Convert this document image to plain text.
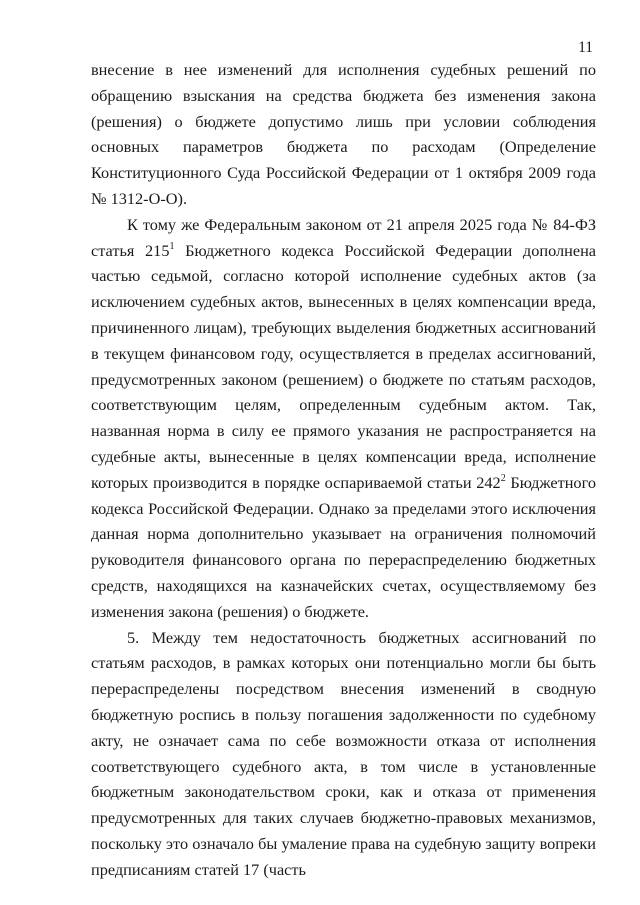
11

внесение в нее изменений для исполнения судебных решений по обращению взыскания на средства бюджета без изменения закона (решения) о бюджете допустимо лишь при условии соблюдения основных параметров бюджета по расходам (Определение Конституционного Суда Российской Федерации от 1 октября 2009 года № 1312-О-О).

К тому же Федеральным законом от 21 апреля 2025 года № 84-ФЗ статья $215^1$ Бюджетного кодекса Российской Федерации дополнена частью седьмой, согласно которой исполнение судебных актов (за исключением судебных актов, вынесенных в целях компенсации вреда, причиненного лицам), требующих выделения бюджетных ассигнований в текущем финансовом году, осуществляется в пределах ассигнований, предусмотренных законом (решением) о бюджете по статьям расходов, соответствующим целям, определенным судебным актом. Так, названная норма в силу ее прямого указания не распространяется на судебные акты, вынесенные в целях компенсации вреда, исполнение которых производится в порядке оспариваемой статьи $242^2$ Бюджетного кодекса Российской Федерации. Однако за пределами этого исключения данная норма дополнительно указывает на ограничения полномочий руководителя финансового органа по перераспределению бюджетных средств, находящихся на казначейских счетах, осуществляемому без изменения закона (решения) о бюджете.

5. Между тем недостаточность бюджетных ассигнований по статьям расходов, в рамках которых они потенциально могли бы быть перераспределены посредством внесения изменений в сводную бюджетную роспись в пользу погашения задолженности по судебному акту, не означает сама по себе возможности отказа от исполнения соответствующего судебного акта, в том числе в установленные бюджетным законодательством сроки, как и отказа от применения предусмотренных для таких случаев бюджетно-правовых механизмов, поскольку это означало бы умаление права на судебную защиту вопреки предписаниям статей 17 (часть
